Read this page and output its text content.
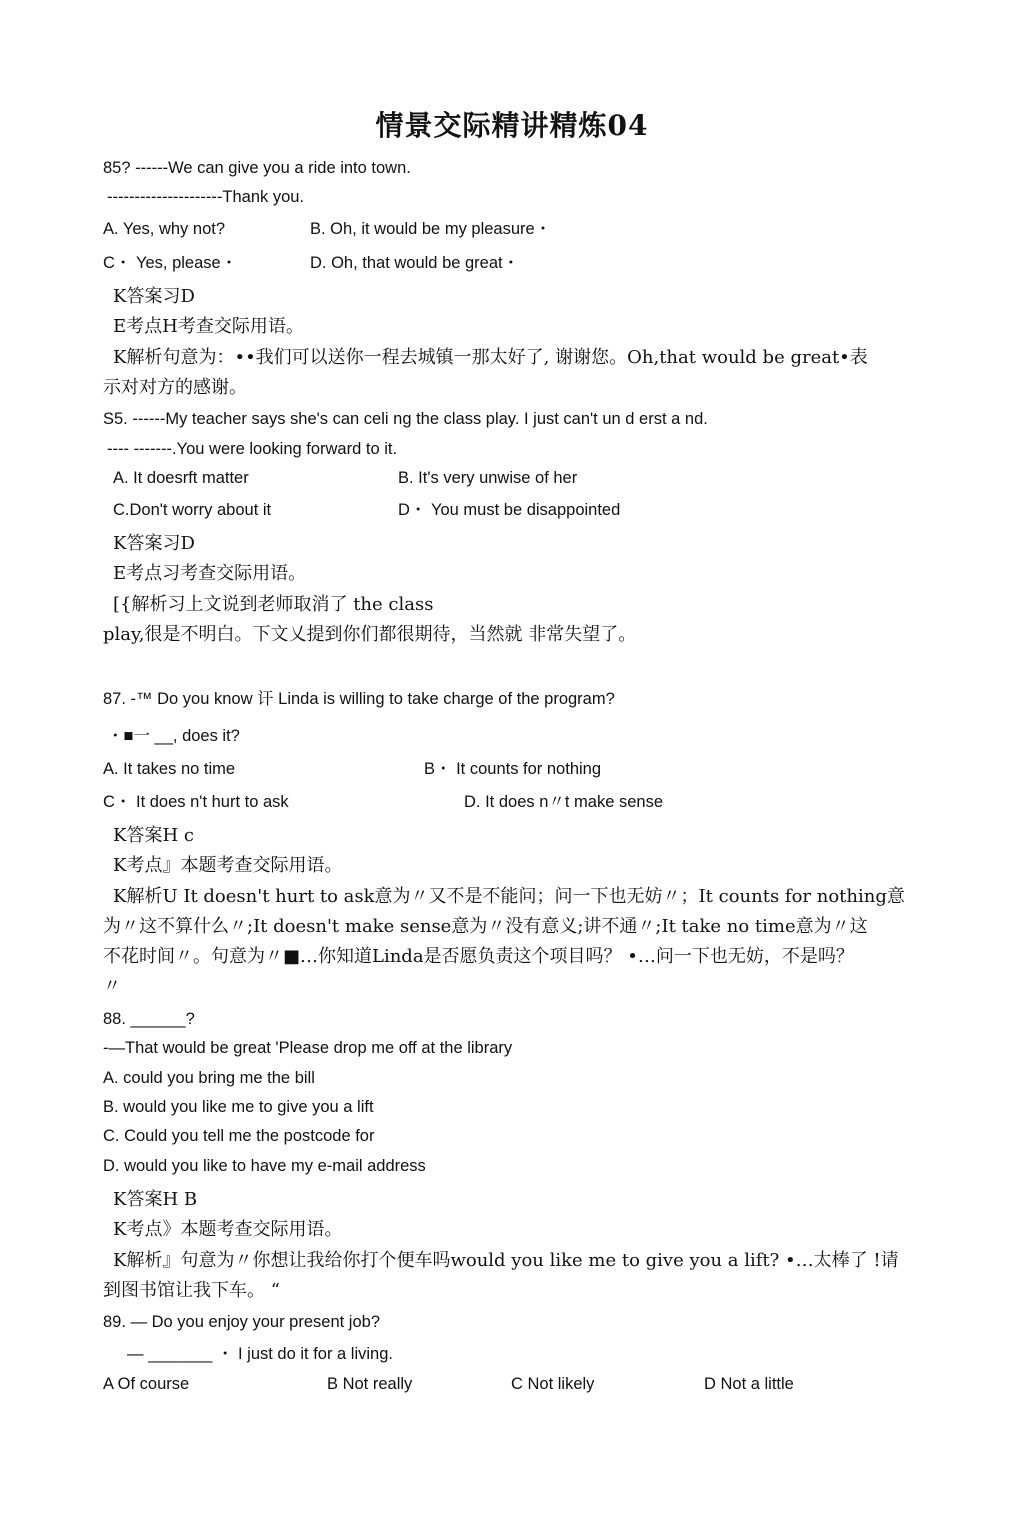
情景交际精讲精炼04
85? ------We can give you a ride into town.
---------------------Thank you.
A. Yes, why not?	B. Oh, it would be my pleasure・
C・ Yes, please・	D. Oh, that would be great・
K答案习D
E考点H考查交际用语。
K解析句意为：••我们可以送你一程去城镇一那太好了, 谢谢您。Oh,that would be great•表
示对对方的感谢。
S5. ------My teacher says she's can celi ng the class play. I just can't un d erst a nd.
---- -------.You were looking forward to it.
A. It doesrft matter	B. It's very unwise of her
C.Don't worry about it	D・ You must be disappointed
K答案习D
E考点习考查交际用语。
[{解析习上文说到老师取消了 the class
play,很是不明白。下文乂提到你们都很期待，当然就 非常失望了。
87. -™ Do you know 讦 Linda is willing to take charge of the program?
・■一 __, does it?
A. It takes no time	B・ It counts for nothing
C・ It does n't hurt to ask	D. It does n〃t make sense
K答案H c
K考点』本题考查交际用语。
K解析U It doesn't hurt to ask意为〃又不是不能问；问一下也无妨〃；It counts for nothing意
为〃这不算什么〃;It doesn't make sense意为〃没有意义;讲不通〃;It take no time意为〃这
不花时间〃。句意为〃■…你知道Linda是否愿负责这个项目吗？ •…问一下也无妨，不是吗？
〃
88. ______?
-—That would be great 'Please drop me off at the library
A. could you bring me the bill
B. would you like me to give you a lift
C. Could you tell me the postcode for
D. would you like to have my e-mail address
K答案H B
K考点》本题考查交际用语。
K解析』句意为〃你想让我给你打个便车吗would you like me to give you a lift? •…太棒了 !请
到图书馆让我下车。 “
89. — Do you enjoy your present job?
— _______ ・ I just do it for a living.
A Of course	B Not really	C Not likely	D Not a little
